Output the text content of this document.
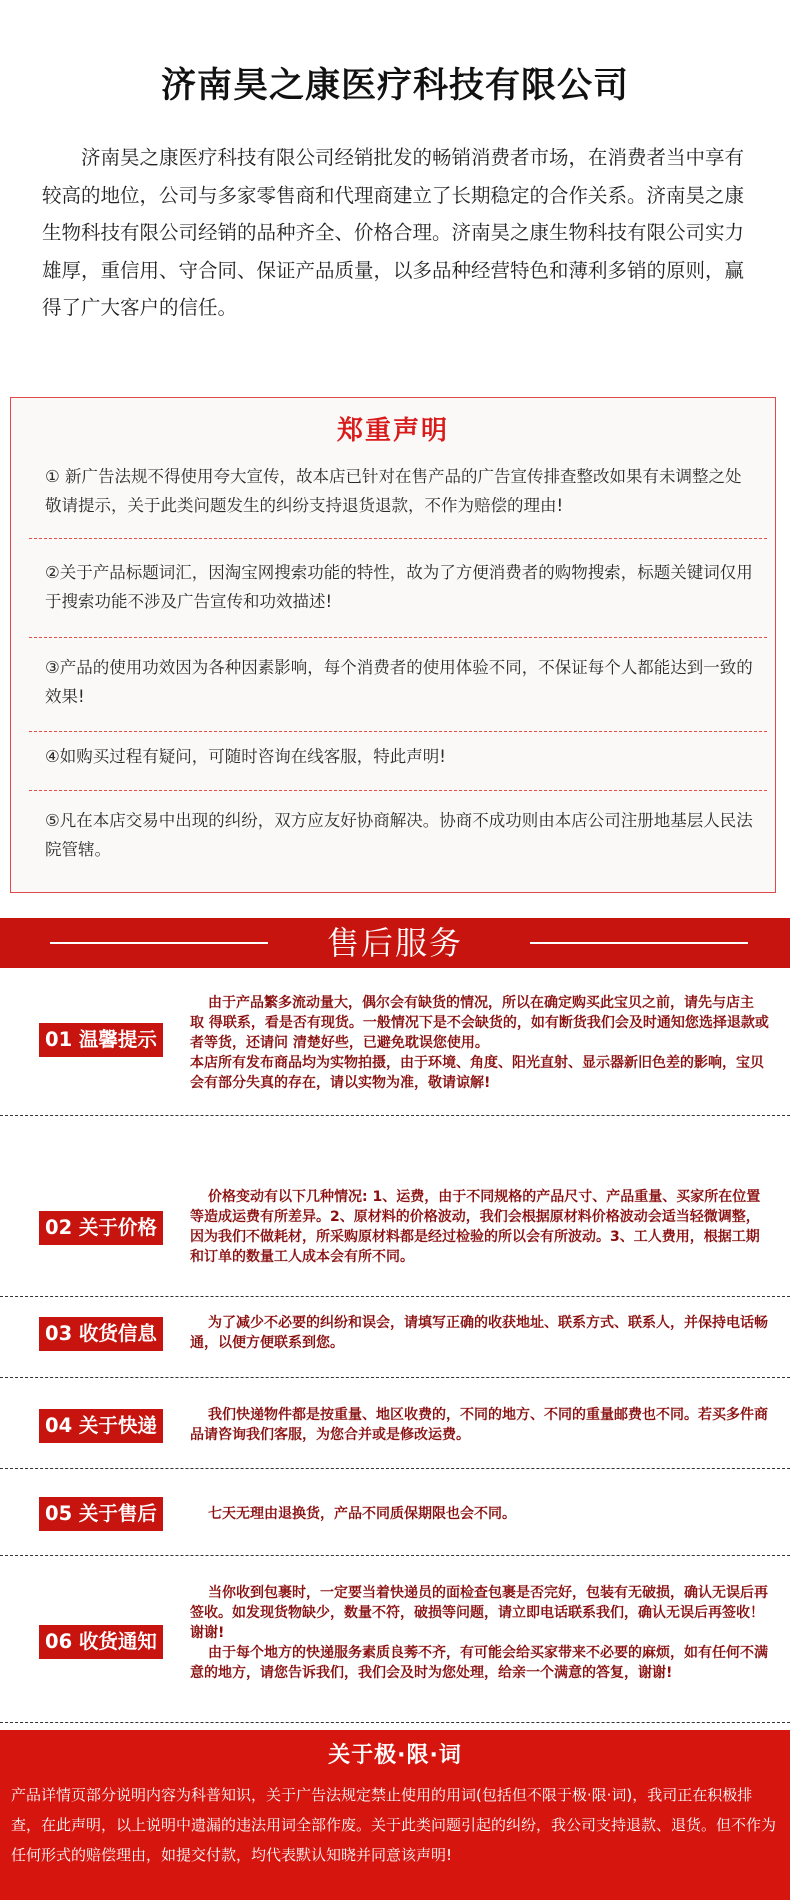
济南昊之康医疗科技有限公司

济南昊之康医疗科技有限公司经销批发的畅销消费者市场，在消费者当中享有较高的地位，公司与多家零售商和代理商建立了长期稳定的合作关系。济南昊之康生物科技有限公司经销的品种齐全、价格合理。济南昊之康生物科技有限公司实力雄厚，重信用、守合同、保证产品质量，以多品种经营特色和薄利多销的原则，赢得了广大客户的信任。

郑重声明

① 新广告法规不得使用夸大宣传，故本店已针对在售产品的广告宣传排查整改如果有未调整之处敬请提示，关于此类问题发生的纠纷支持退货退款，不作为赔偿的理由!

②关于产品标题词汇，因淘宝网搜索功能的特性，故为了方便消费者的购物搜索，标题关键词仅用于搜索功能不涉及广告宣传和功效描述!

③产品的使用功效因为各种因素影响，每个消费者的使用体验不同，不保证每个人都能达到一致的效果!

④如购买过程有疑问，可随时咨询在线客服，特此声明!

⑤凡在本店交易中出现的纠纷，双方应友好协商解决。协商不成功则由本店公司注册地基层人民法院管辖。

售后服务
01 温馨提示

由于产品繁多流动量大，偶尔会有缺货的情况，所以在确定购买此宝贝之前，请先与店主 取 得联系，看是否有现货。一般情况下是不会缺货的，如有断货我们会及时通知您选择退款或者等货，还请问 清楚好些，已避免耽误您使用。

本店所有发布商品均为实物拍摄，由于环境、角度、阳光直射、显示器新旧色差的影响，宝贝会有部分失真的存在，请以实物为准，敬请谅解!

02 关于价格

价格变动有以下几种情况: 1、运费，由于不同规格的产品尺寸、产品重量、买家所在位置等造成运费有所差异。2、原材料的价格波动，我们会根据原材料价格波动会适当轻微调整，因为我们不做耗材，所采购原材料都是经过检验的所以会有所波动。3、工人费用，根据工期和订单的数量工人成本会有所不同。

03 收货信息	为了减少不必要的纠纷和误会，请填写正确的收获地址、联系方式、联系人，并保持电话畅通，以便方便联系到您。

04 关于快递	我们快递物件都是按重量、地区收费的，不同的地方、不同的重量邮费也不同。若买多件商品请咨询我们客服，为您合并或是修改运费。

05 关于售后	七天无理由退换货，产品不同质保期限也会不同。

06 收货通知

当你收到包裹时，一定要当着快递员的面检查包裹是否完好，包装有无破损，确认无误后再签收。如发现货物缺少，数量不符，破损等问题，请立即电话联系我们，确认无误后再签收！谢谢!

由于每个地方的快递服务素质良莠不齐，有可能会给买家带来不必要的麻烦，如有任何不满意的地方，请您告诉我们，我们会及时为您处理，给亲一个满意的答复，谢谢!

关于极·限·词

产品详情页部分说明内容为科普知识，关于广告法规定禁止使用的用词(包括但不限于极·限·词)，我司正在积极排查，在此声明，以上说明中遗漏的违法用词全部作废。关于此类问题引起的纠纷，我公司支持退款、退货。但不作为任何形式的赔偿理由，如提交付款，均代表默认知晓并同意该声明!
